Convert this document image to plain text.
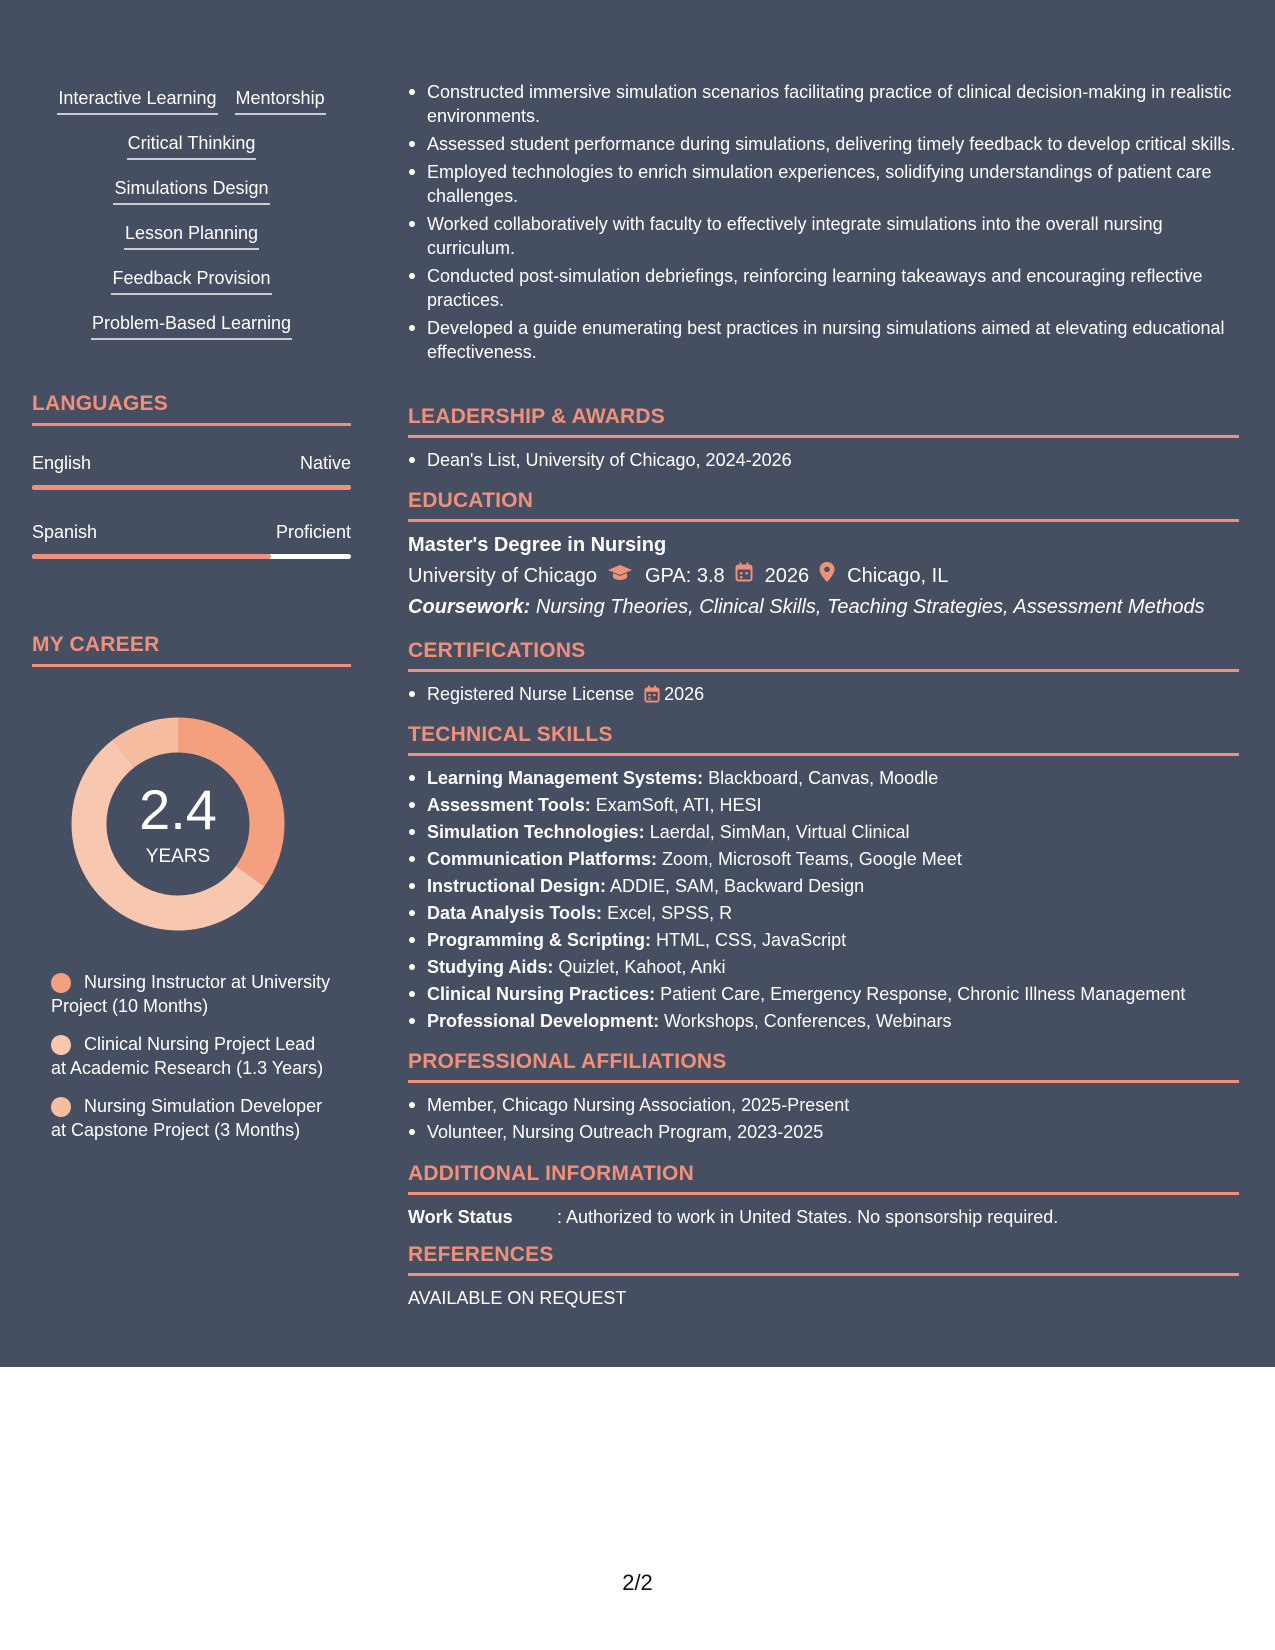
Interactive Learning Mentorship
Critical Thinking
Simulations Design
Lesson Planning
Feedback Provision
Problem-Based Learning
LANGUAGES
English	Native
Spanish	Proficient
MY CAREER
2.4
YEARS
Nursing Instructor at University Project (10 Months)
Clinical Nursing Project Lead at Academic Research (1.3 Years)
Nursing Simulation Developer at Capstone Project (3 Months)
Constructed immersive simulation scenarios facilitating practice of clinical decision-making in realistic environments.
Assessed student performance during simulations, delivering timely feedback to develop critical skills.
Employed technologies to enrich simulation experiences, solidifying understandings of patient care challenges.
Worked collaboratively with faculty to effectively integrate simulations into the overall nursing curriculum.
Conducted post-simulation debriefings, reinforcing learning takeaways and encouraging reflective practices.
Developed a guide enumerating best practices in nursing simulations aimed at elevating educational effectiveness.
LEADERSHIP & AWARDS
Dean's List, University of Chicago, 2024-2026
EDUCATION
Master's Degree in Nursing
University of Chicago GPA: 3.8 2026 Chicago, IL
Coursework: Nursing Theories, Clinical Skills, Teaching Strategies, Assessment Methods
CERTIFICATIONS
Registered Nurse License 2026
TECHNICAL SKILLS
Learning Management Systems: Blackboard, Canvas, Moodle
Assessment Tools: ExamSoft, ATI, HESI
Simulation Technologies: Laerdal, SimMan, Virtual Clinical
Communication Platforms: Zoom, Microsoft Teams, Google Meet
Instructional Design: ADDIE, SAM, Backward Design
Data Analysis Tools: Excel, SPSS, R
Programming & Scripting: HTML, CSS, JavaScript
Studying Aids: Quizlet, Kahoot, Anki
Clinical Nursing Practices: Patient Care, Emergency Response, Chronic Illness Management
Professional Development: Workshops, Conferences, Webinars
PROFESSIONAL AFFILIATIONS
Member, Chicago Nursing Association, 2025-Present
Volunteer, Nursing Outreach Program, 2023-2025
ADDITIONAL INFORMATION
Work Status	: Authorized to work in United States. No sponsorship required.
REFERENCES
AVAILABLE ON REQUEST
2/2
